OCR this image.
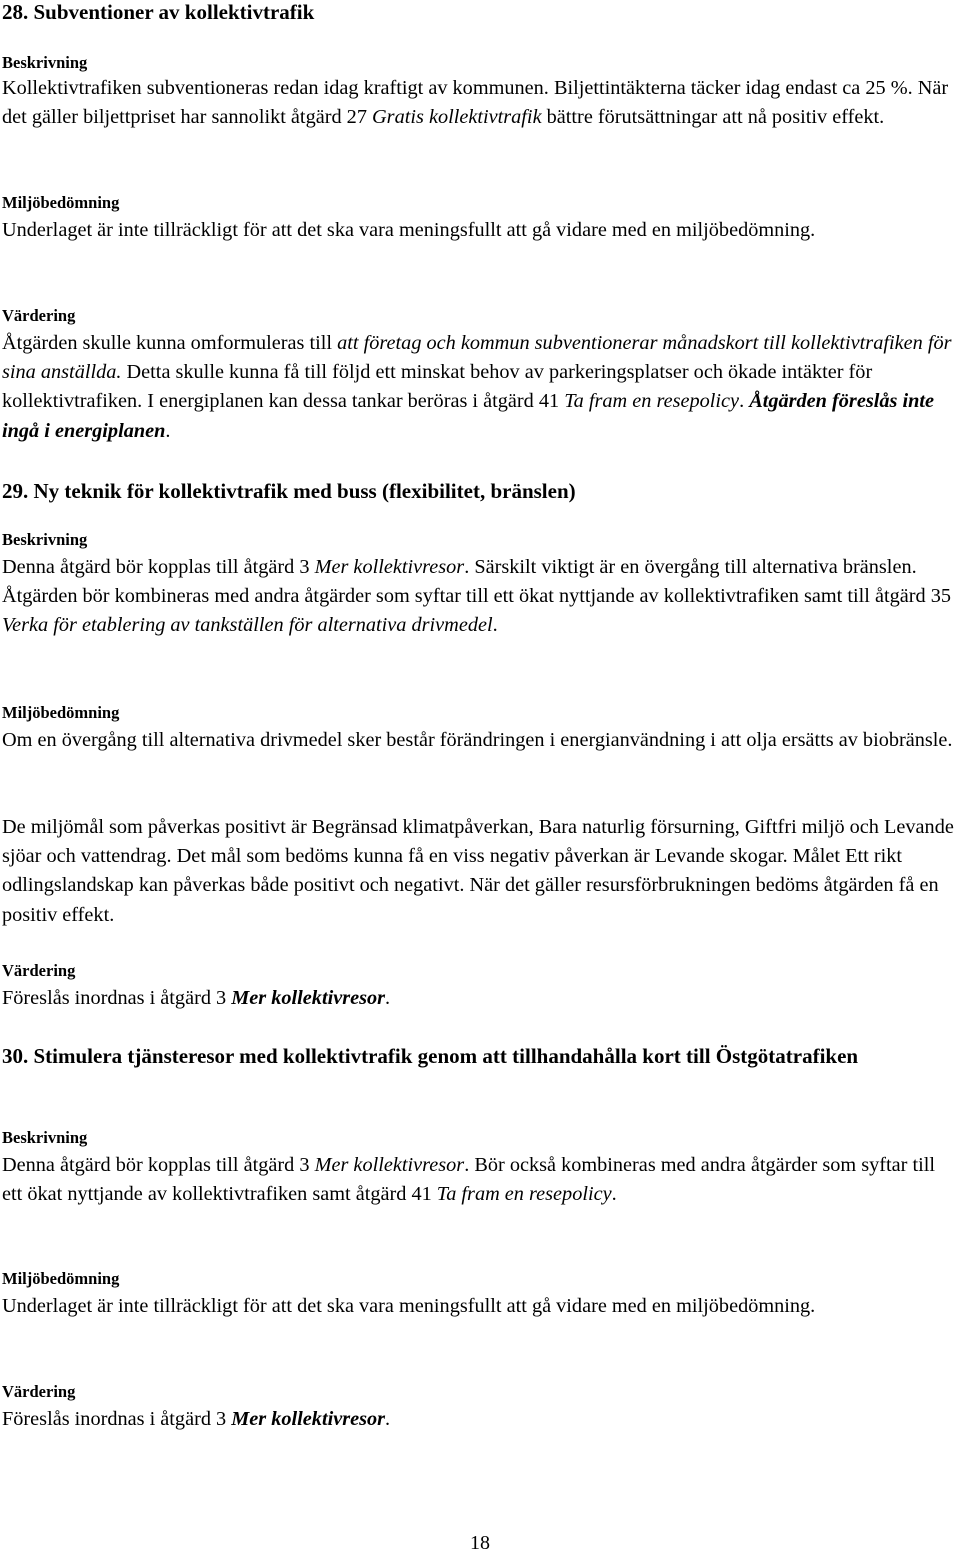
28. Subventioner av kollektivtrafik
Beskrivning

Kollektivtrafiken subventioneras redan idag kraftigt av kommunen. Biljettintäkterna täcker idag endast ca 25 %. När det gäller biljettpriset har sannolikt åtgärd 27 Gratis kollektivtrafik bättre förutsättningar att nå positiv effekt.

Miljöbedömning

Underlaget är inte tillräckligt för att det ska vara meningsfullt att gå vidare med en miljöbedömning.

Värdering

Åtgärden skulle kunna omformuleras till att företag och kommun subventionerar månadskort till kollektivtrafiken för sina anställda. Detta skulle kunna få till följd ett minskat behov av parkeringsplatser och ökade intäkter för kollektivtrafiken. I energiplanen kan dessa tankar beröras i åtgärd 41 Ta fram en resepolicy. Åtgärden föreslås inte ingå i energiplanen.

29. Ny teknik för kollektivtrafik med buss (flexibilitet, bränslen)
Beskrivning

Denna åtgärd bör kopplas till åtgärd 3 Mer kollektivresor. Särskilt viktigt är en övergång till alternativa bränslen. Åtgärden bör kombineras med andra åtgärder som syftar till ett ökat nyttjande av kollektivtrafiken samt till åtgärd 35 Verka för etablering av tankställen för alternativa drivmedel.

Miljöbedömning

Om en övergång till alternativa drivmedel sker består förändringen i energianvändning i att olja ersätts av biobränsle.

De miljömål som påverkas positivt är Begränsad klimatpåverkan, Bara naturlig försurning, Giftfri miljö och Levande sjöar och vattendrag. Det mål som bedöms kunna få en viss negativ påverkan är Levande skogar. Målet Ett rikt odlingslandskap kan påverkas både positivt och negativt. När det gäller resursförbrukningen bedöms åtgärden få en positiv effekt.

Värdering

Föreslås inordnas i åtgärd 3 Mer kollektivresor.

30. Stimulera tjänsteresor med kollektivtrafik genom att tillhandahålla kort till Östgötatrafiken
Beskrivning

Denna åtgärd bör kopplas till åtgärd 3 Mer kollektivresor. Bör också kombineras med andra åtgärder som syftar till ett ökat nyttjande av kollektivtrafiken samt åtgärd 41 Ta fram en resepolicy.

Miljöbedömning

Underlaget är inte tillräckligt för att det ska vara meningsfullt att gå vidare med en miljöbedömning.

Värdering

Föreslås inordnas i åtgärd 3 Mer kollektivresor.

18
